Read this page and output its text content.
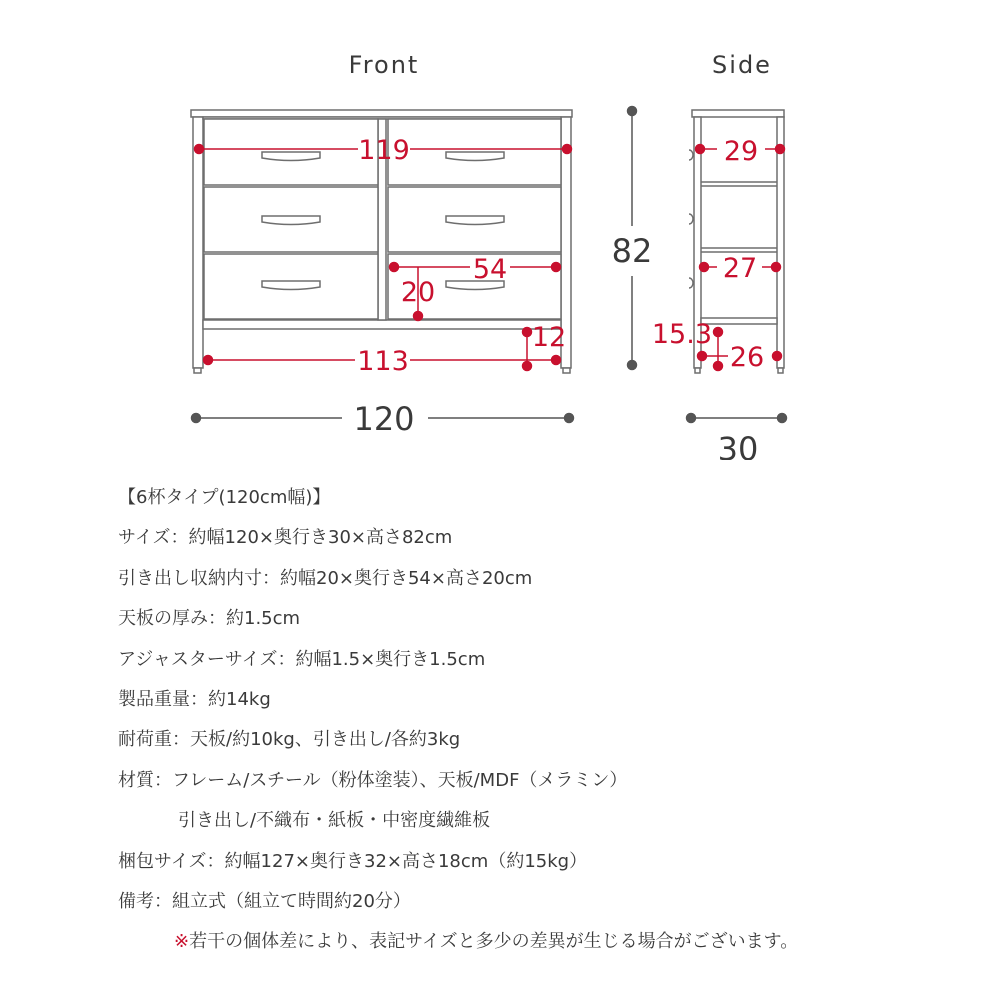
Front	Side
119
54
20
12
113
120
82
29
27
15.3
26
30
【6杯タイプ(120cm幅)】
サイズ：約幅120×奥行き30×高さ82cm
引き出し収納内寸：約幅20×奥行き54×高さ20cm
天板の厚み：約1.5cm
アジャスターサイズ：約幅1.5×奥行き1.5cm
製品重量：約14kg
耐荷重：天板/約10kg、引き出し/各約3kg
材質：フレーム/スチール（粉体塗装）、天板/MDF（メラミン）
引き出し/不織布・紙板・中密度繊維板
梱包サイズ：約幅127×奥行き32×高さ18cm（約15kg）
備考：組立式（組立て時間約20分）
※若干の個体差により、表記サイズと多少の差異が生じる場合がございます。
